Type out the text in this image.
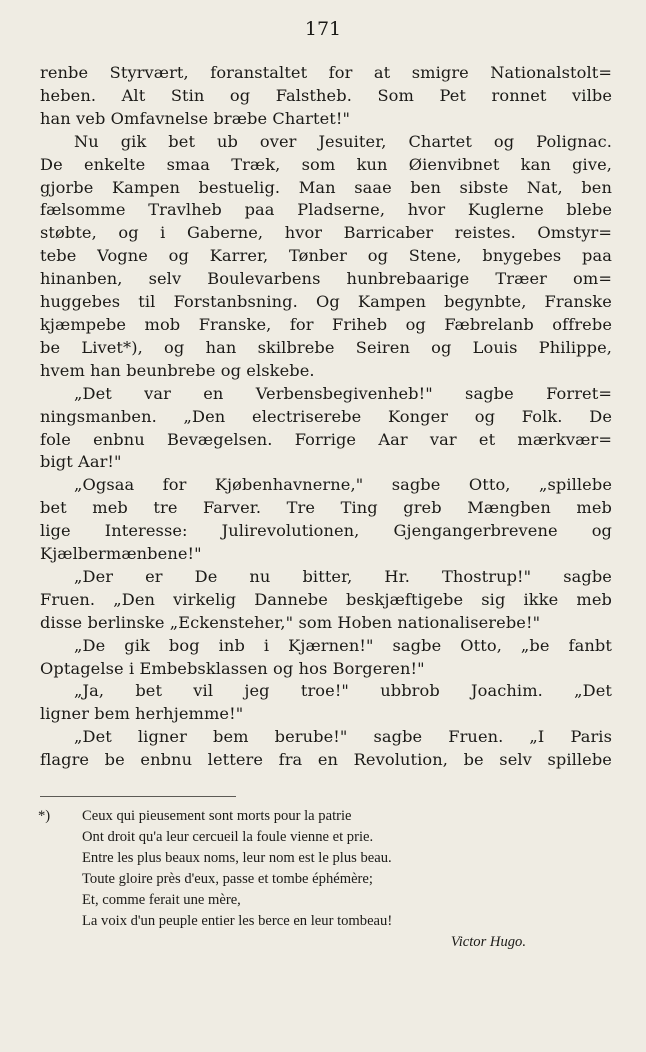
171
renbe Styrvært, foranstaltet for at smigre Nationalstolt=
heben. Alt Stin og Falstheb. Som Pet ronnet vilbe
han veb Omfavnelse bræbe Chartet!"
Nu gik bet ub over Jesuiter, Chartet og Polignac.
De enkelte smaa Træk, som kun Øienvibnet kan give,
gjorbe Kampen bestuelig. Man saae ben sibste Nat, ben
fælsomme Travlheb paa Pladserne, hvor Kuglerne blebe
støbte, og i Gaberne, hvor Barricaber reistes. Omstyr=
tebe Vogne og Karrer, Tønber og Stene, bnygebes paa
hinanben, selv Boulevarbens hunbrebaarige Træer om=
huggebes til Forstanbsning. Og Kampen begynbte, Franske
kjæmpebe mob Franske, for Friheb og Fæbrelanb offrebe
be Livet*), og han skilbrebe Seiren og Louis Philippe,
hvem han beunbrebe og elskebe.
„Det var en Verbensbegivenheb!" sagbe Forret=
ningsmanben. „Den electriserebe Konger og Folk. De
fole enbnu Bevægelsen. Forrige Aar var et mærkvær=
bigt Aar!"
„Ogsaa for Kjøbenhavnerne," sagbe Otto, „spillebe
bet meb tre Farver. Tre Ting greb Mængben meb
lige Interesse: Julirevolutionen, Gjengangerbrevene og
Kjælbermænbene!"
„Der er De nu bitter, Hr. Thostrup!" sagbe
Fruen. „Den virkelig Dannebe beskjæftigebe sig ikke meb
disse berlinske „Eckensteher," som Hoben nationaliserebe!"
„De gik bog inb i Kjærnen!" sagbe Otto, „be fanbt
Optagelse i Embebsklassen og hos Borgeren!"
„Ja, bet vil jeg troe!" ubbrob Joachim. „Det
ligner bem herhjemme!"
„Det ligner bem berube!" sagbe Fruen. „I Paris
flagre be enbnu lettere fra en Revolution, be selv spillebe
*) Ceux qui pieusement sont morts pour la patrie
Ont droit qu'a leur cercueil la foule vienne et prie.
Entre les plus beaux noms, leur nom est le plus beau.
Toute gloire près d'eux, passe et tombe éphémère;
Et, comme ferait une mère,
La voix d'un peuple entier les berce en leur tombeau!
Victor Hugo.
